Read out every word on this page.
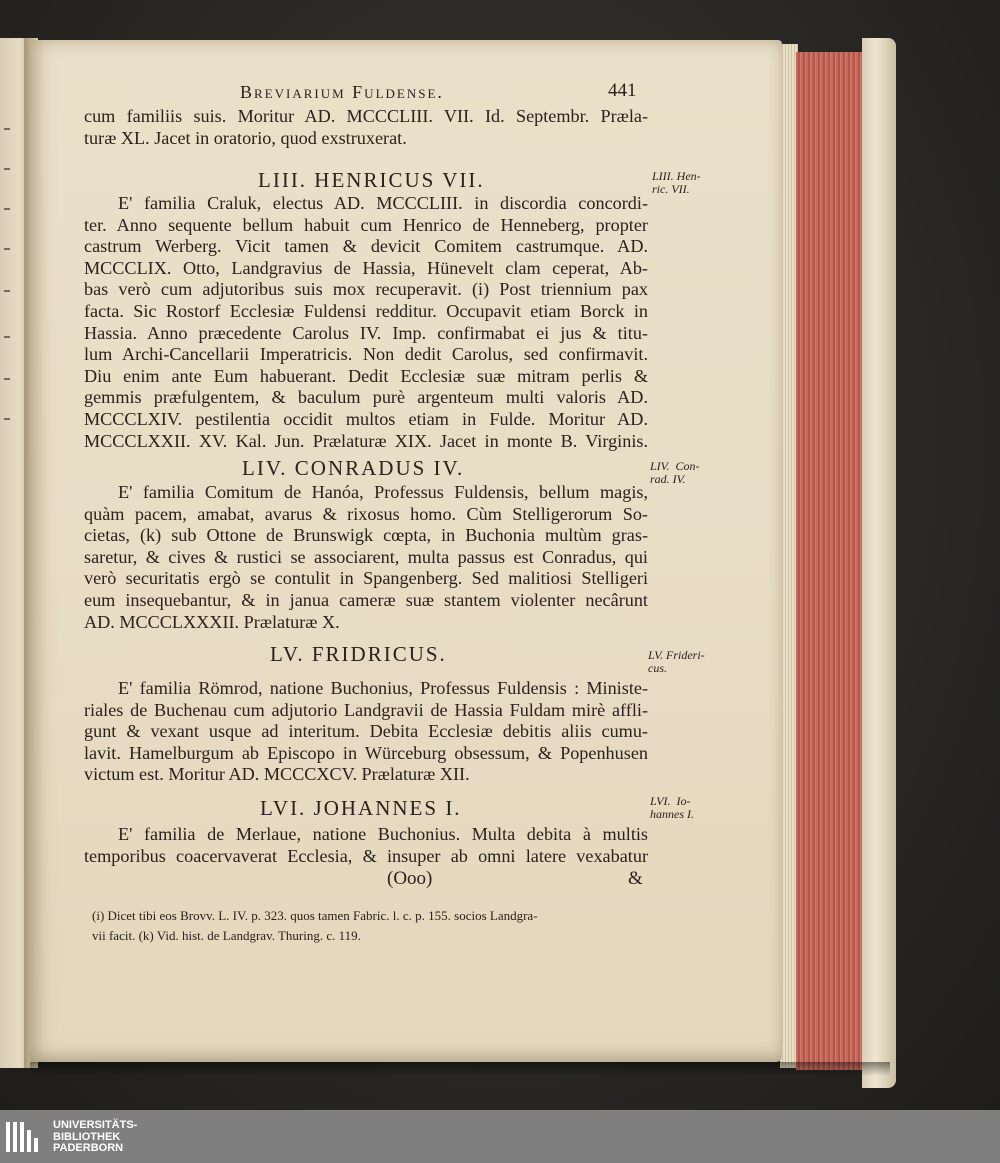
Breviarium Fuldense.	441
cum familiis suis. Moritur AD. MCCCLIII. VII. Id. Septembr. Præla-
turæ XL. Jacet in oratorio, quod exstruxerat.
LIII. HENRICUS VII.	LIII. Hen-
ric. VII.
E' familia Craluk, electus AD. MCCCLIII. in discordia concordi-
ter. Anno sequente bellum habuit cum Henrico de Henneberg, propter
castrum Werberg. Vicit tamen & devicit Comitem castrumque. AD.
MCCCLIX. Otto, Landgravius de Hassia, Hünevelt clam ceperat, Ab-
bas verò cum adjutoribus suis mox recuperavit. (i) Post triennium pax
facta. Sic Rostorf Ecclesiæ Fuldensi redditur. Occupavit etiam Borck in
Hassia. Anno præcedente Carolus IV. Imp. confirmabat ei jus & titu-
lum Archi-Cancellarii Imperatricis. Non dedit Carolus, sed confirmavit.
Diu enim ante Eum habuerant. Dedit Ecclesiæ suæ mitram perlis &
gemmis præfulgentem, & baculum purè argenteum multi valoris AD.
MCCCLXIV. pestilentia occidit multos etiam in Fulde. Moritur AD.
MCCCLXXII. XV. Kal. Jun. Prælaturæ XIX. Jacet in monte B. Virginis.
LIV. CONRADUS IV.	LIV.  Con-
rad. IV.
E' familia Comitum de Hanóa, Professus Fuldensis, bellum magis,
quàm pacem, amabat, avarus & rixosus homo. Cùm Stelligerorum So-
cietas, (k) sub Ottone de Brunswigk cœpta, in Buchonia multùm gras-
saretur, & cives & rustici se associarent, multa passus est Conradus, qui
verò securitatis ergò se contulit in Spangenberg. Sed malitiosi Stelligeri
eum insequebantur, & in janua cameræ suæ stantem violenter necârunt
AD. MCCCLXXXII. Prælaturæ X.
LV. FRIDRICUS.	LV. Frideri-
cus.
E' familia Römrod, natione Buchonius, Professus Fuldensis : Ministe-
riales de Buchenau cum adjutorio Landgravii de Hassia Fuldam mirè affli-
gunt & vexant usque ad interitum. Debita Ecclesiæ debitis aliis cumu-
lavit. Hamelburgum ab Episcopo in Würceburg obsessum, & Popenhusen
victum est. Moritur AD. MCCCXCV. Prælaturæ XII.
LVI. JOHANNES I.	LVI.  Io-
hannes I.
E' familia de Merlaue, natione Buchonius. Multa debita à multis
temporibus coacervaverat Ecclesia, & insuper ab omni latere vexabatur
(Ooo)	&
(i) Dicet tibi eos Brovv. L. IV. p. 323. quos tamen Fabric. l. c. p. 155. socios Landgra-
vii facit. (k) Vid. hist. de Landgrav. Thuring. c. 119.
UNIVERSITÄTS-
BIBLIOTHEK
PADERBORN
